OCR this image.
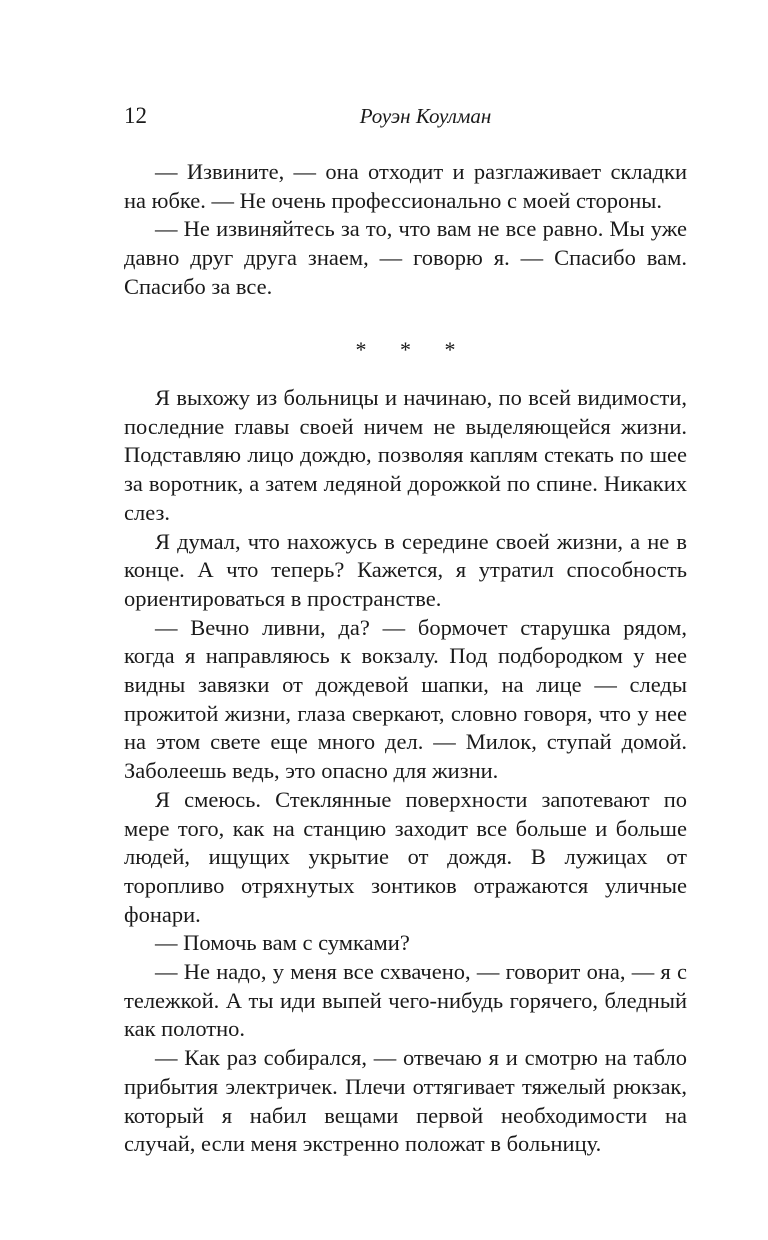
12	Роуэн Коулман

— Извините, — она отходит и разглаживает складки на юбке. — Не очень профессионально с моей стороны.

— Не извиняйтесь за то, что вам не все равно. Мы уже давно друг друга знаем, — говорю я. — Спасибо вам. Спасибо за все.

* * *

Я выхожу из больницы и начинаю, по всей видимости, последние главы своей ничем не выделяющейся жизни. Подставляю лицо дождю, позволяя каплям стекать по шее за воротник, а затем ледяной дорожкой по спине. Никаких слез.

Я думал, что нахожусь в середине своей жизни, а не в конце. А что теперь? Кажется, я утратил способность ориентироваться в пространстве.

— Вечно ливни, да? — бормочет старушка рядом, когда я направляюсь к вокзалу. Под подбородком у нее видны завязки от дождевой шапки, на лице — следы прожитой жизни, глаза сверкают, словно говоря, что у нее на этом свете еще много дел. — Милок, ступай домой. Заболеешь ведь, это опасно для жизни.

Я смеюсь. Стеклянные поверхности запотевают по мере того, как на станцию заходит все больше и больше людей, ищущих укрытие от дождя. В лужицах от торопливо отряхнутых зонтиков отражаются уличные фонари.

— Помочь вам с сумками?

— Не надо, у меня все схвачено, — говорит она, — я с тележкой. А ты иди выпей чего-нибудь горячего, бледный как полотно.

— Как раз собирался, — отвечаю я и смотрю на табло прибытия электричек. Плечи оттягивает тяжелый рюкзак, который я набил вещами первой необходимости на случай, если меня экстренно положат в больницу.
